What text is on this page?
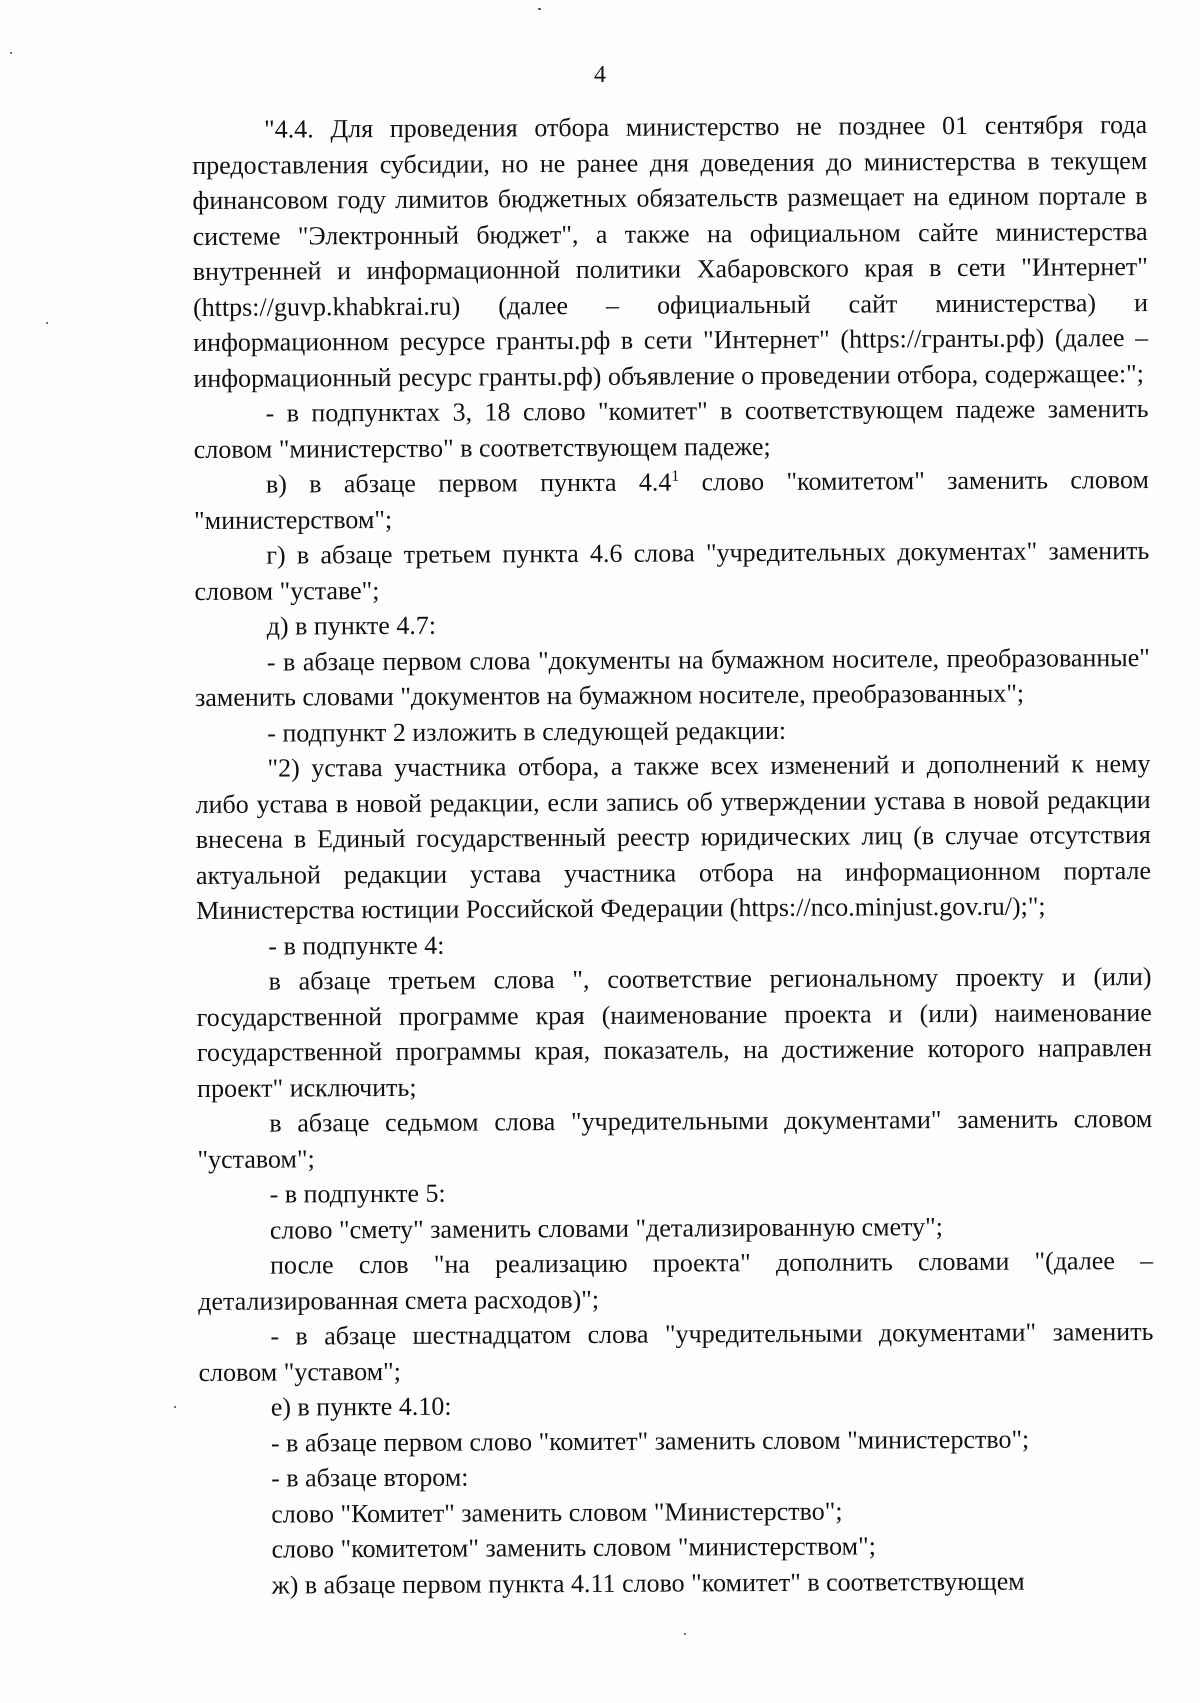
4

"4.4. Для проведения отбора министерство не позднее 01 сентября года предоставления субсидии, но не ранее дня доведения до министерства в текущем финансовом году лимитов бюджетных обязательств размещает на едином портале в системе "Электронный бюджет", а также на официальном сайте министерства внутренней и информационной политики Хабаровского края в сети "Интернет" (https://guvp.khabkrai.ru) (далее – официальный сайт министерства) и информационном ресурсе гранты.рф в сети "Интернет" (https://гранты.рф) (далее – информационный ресурс гранты.рф) объявление о проведении отбора, содержащее:";

- в подпунктах 3, 18 слово "комитет" в соответствующем падеже заменить словом "министерство" в соответствующем падеже;

в) в абзаце первом пункта $4.4^1$ слово "комитетом" заменить словом "министерством";

г) в абзаце третьем пункта 4.6 слова "учредительных документах" заменить словом "уставе";

д) в пункте 4.7:

- в абзаце первом слова "документы на бумажном носителе, преобразованные" заменить словами "документов на бумажном носителе, преобразованных";

- подпункт 2 изложить в следующей редакции:

"2) устава участника отбора, а также всех изменений и дополнений к нему либо устава в новой редакции, если запись об утверждении устава в новой редакции внесена в Единый государственный реестр юридических лиц (в случае отсутствия актуальной редакции устава участника отбора на информационном портале Министерства юстиции Российской Федерации (https://nco.minjust.gov.ru/);";

- в подпункте 4:

в абзаце третьем слова ", соответствие региональному проекту и (или) государственной программе края (наименование проекта и (или) наименование государственной программы края, показатель, на достижение которого направлен проект" исключить;

в абзаце седьмом слова "учредительными документами" заменить словом "уставом";

- в подпункте 5:

слово "смету" заменить словами "детализированную смету";

после слов "на реализацию проекта" дополнить словами "(далее – детализированная смета расходов)";

- в абзаце шестнадцатом слова "учредительными документами" заменить словом "уставом";

е) в пункте 4.10:

- в абзаце первом слово "комитет" заменить словом "министерство";

- в абзаце втором:

слово "Комитет" заменить словом "Министерство";

слово "комитетом" заменить словом "министерством";

ж) в абзаце первом пункта 4.11 слово "комитет" в соответствующем
